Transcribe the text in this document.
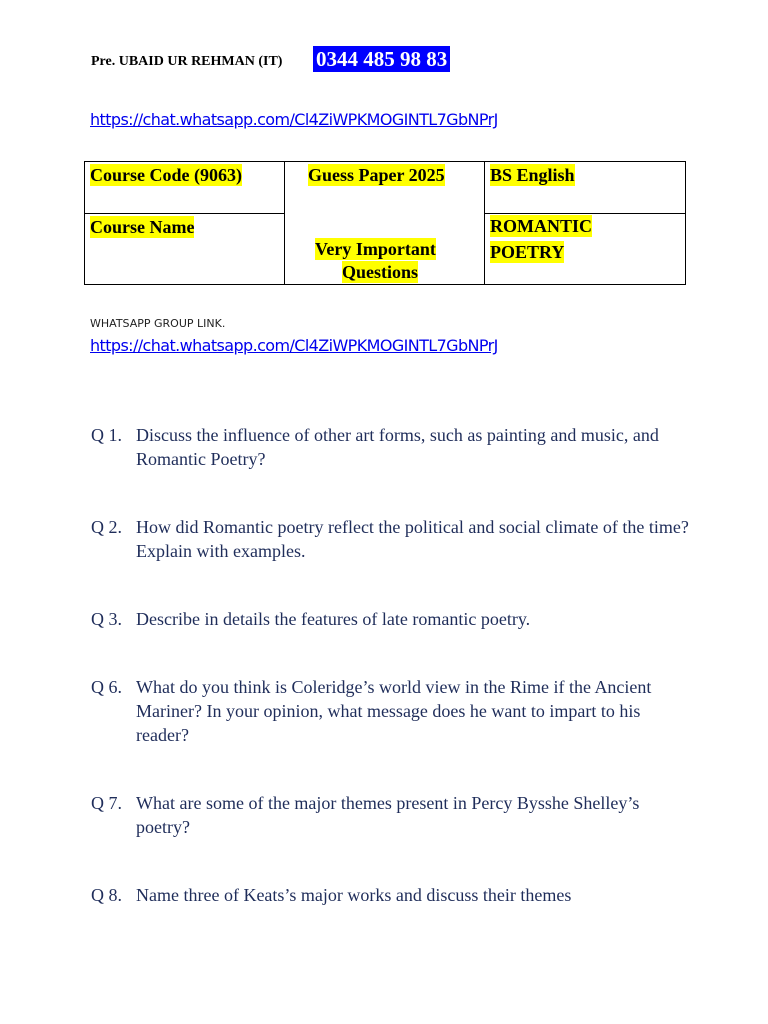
Pre. UBAID UR REHMAN (IT) 0344 485 98 83
https://chat.whatsapp.com/Cl4ZiWPKMOGINTL7GbNPrJ
Course Code (9063)	Guess Paper 2025	BS English
Course Name
Very Important
Questions
ROMANTIC
POETRY
WHATSAPP GROUP LINK.
https://chat.whatsapp.com/Cl4ZiWPKMOGINTL7GbNPrJ
Q 1. Discuss the influence of other art forms, such as painting and music, and Romantic Poetry?
Q 2. How did Romantic poetry reflect the political and social climate of the time? Explain with examples.
Q 3. Describe in details the features of late romantic poetry.
Q 6. What do you think is Coleridge’s world view in the Rime if the Ancient Mariner? In your opinion, what message does he want to impart to his reader?
Q 7. What are some of the major themes present in Percy Bysshe Shelley’s poetry?
Q 8. Name three of Keats’s major works and discuss their themes
